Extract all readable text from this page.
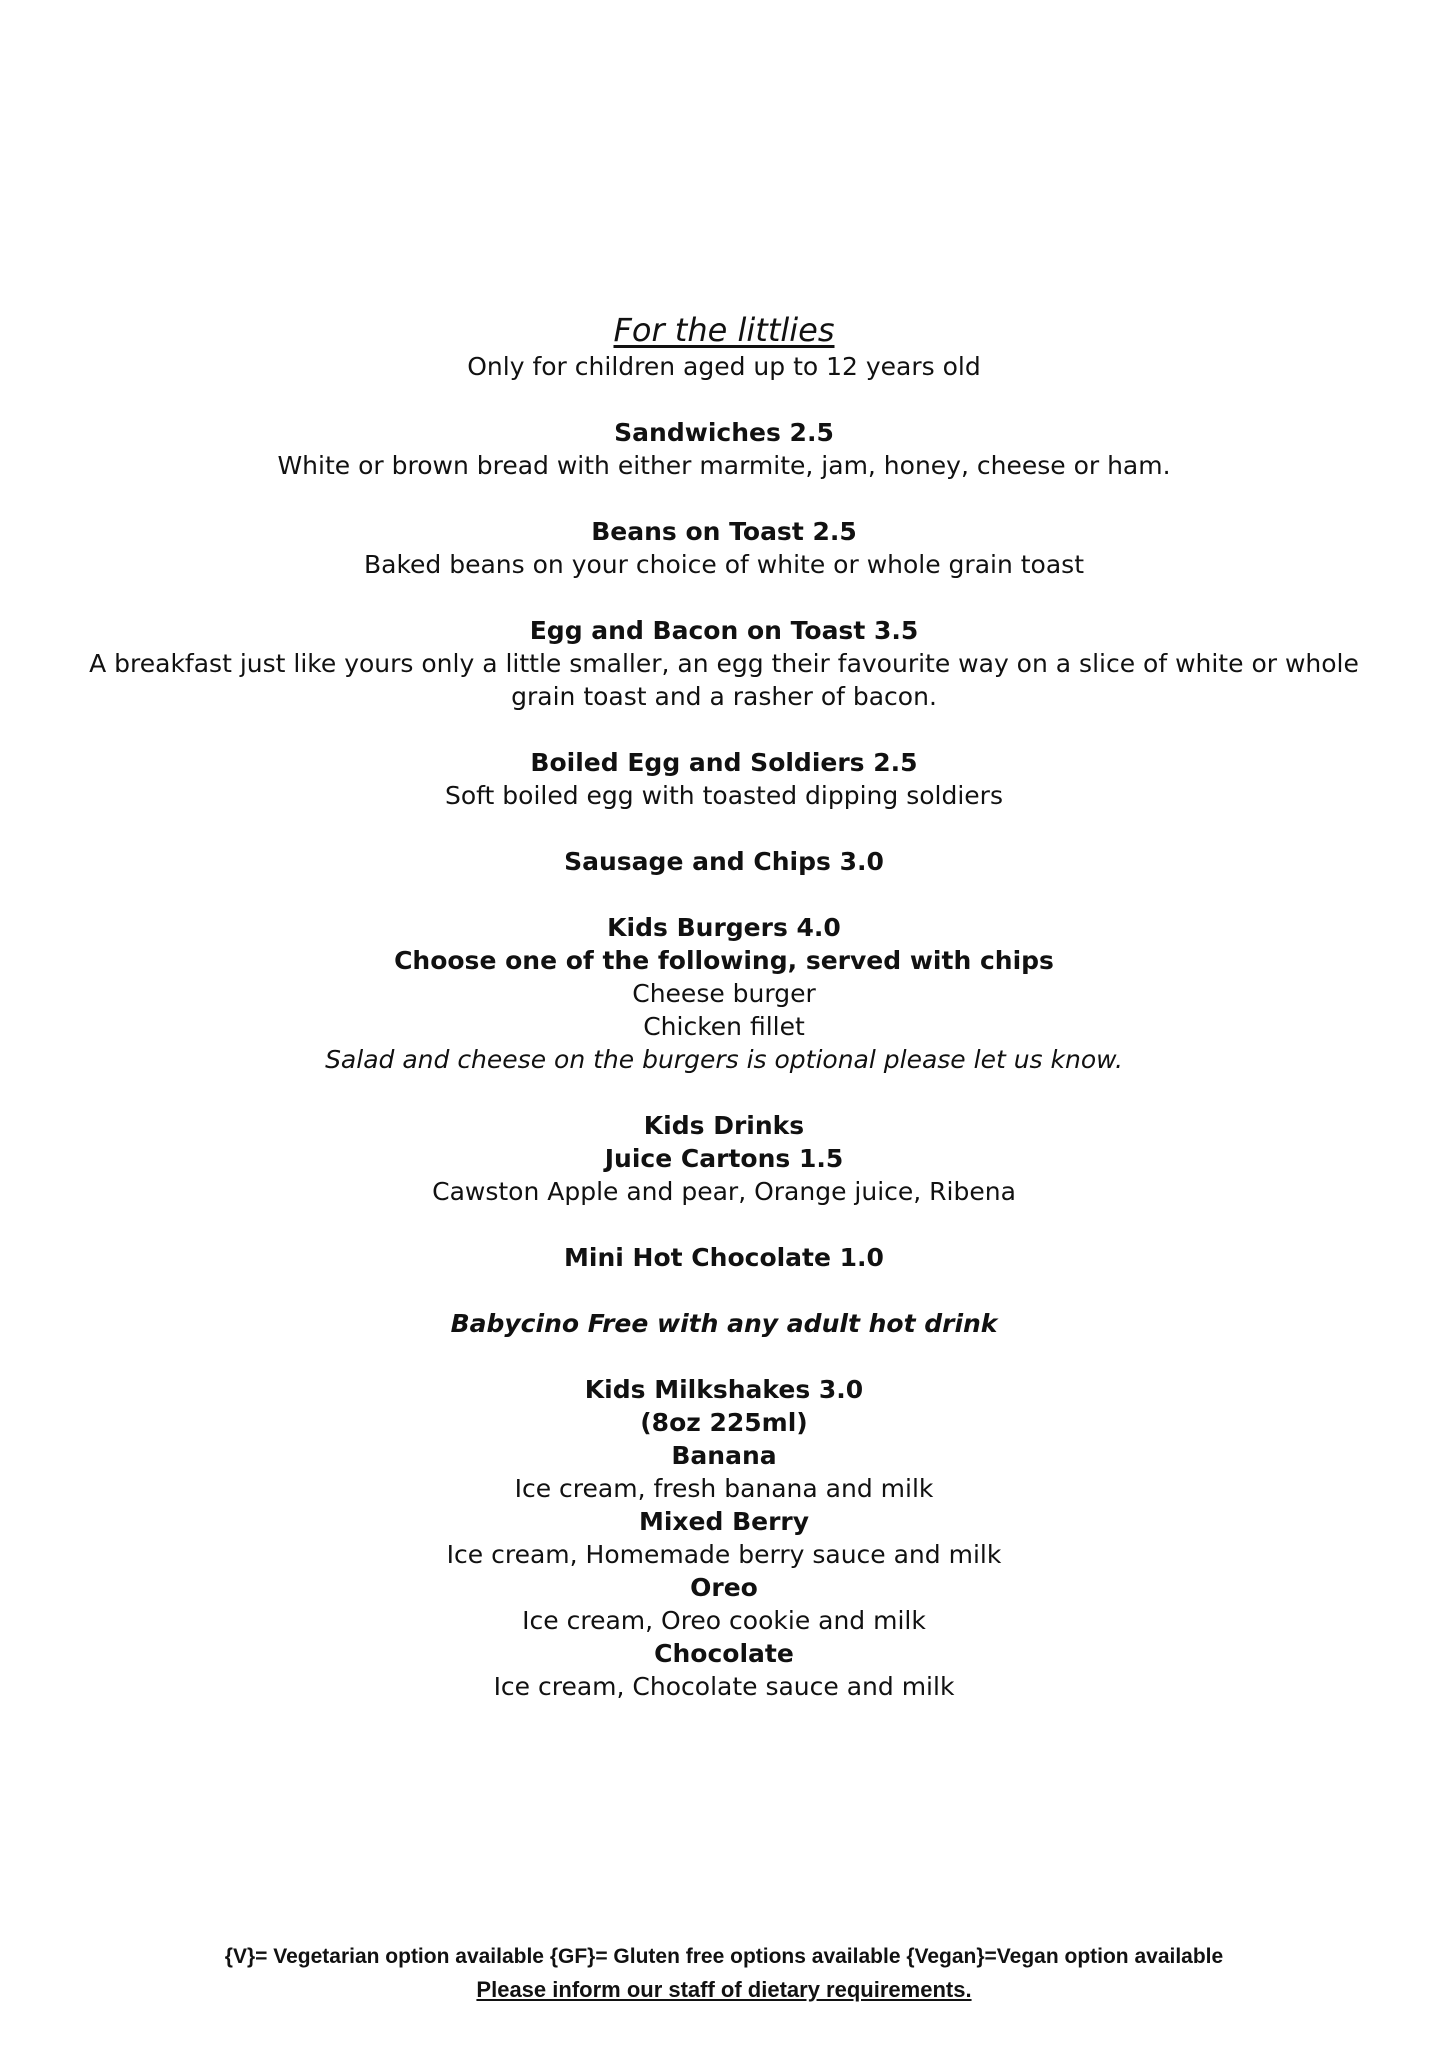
For the littlies

Only for children aged up to 12 years old

Sandwiches 2.5

White or brown bread with either marmite, jam, honey, cheese or ham.

Beans on Toast 2.5

Baked beans on your choice of white or whole grain toast

Egg and Bacon on Toast 3.5

A breakfast just like yours only a little smaller, an egg their favourite way on a slice of white or whole grain toast and a rasher of bacon.

Boiled Egg and Soldiers 2.5

Soft boiled egg with toasted dipping soldiers

Sausage and Chips 3.0

Kids Burgers 4.0

Choose one of the following, served with chips

Cheese burger

Chicken fillet

Salad and cheese on the burgers is optional please let us know.

Kids Drinks

Juice Cartons 1.5

Cawston Apple and pear, Orange juice, Ribena

Mini Hot Chocolate 1.0

Babycino Free with any adult hot drink

Kids Milkshakes 3.0

(8oz 225ml)

Banana

Ice cream, fresh banana and milk

Mixed Berry

Ice cream, Homemade berry sauce and milk

Oreo

Ice cream, Oreo cookie and milk

Chocolate

Ice cream, Chocolate sauce and milk

{V}= Vegetarian option available {GF}= Gluten free options available {Vegan}=Vegan option available

Please inform our staff of dietary requirements.
